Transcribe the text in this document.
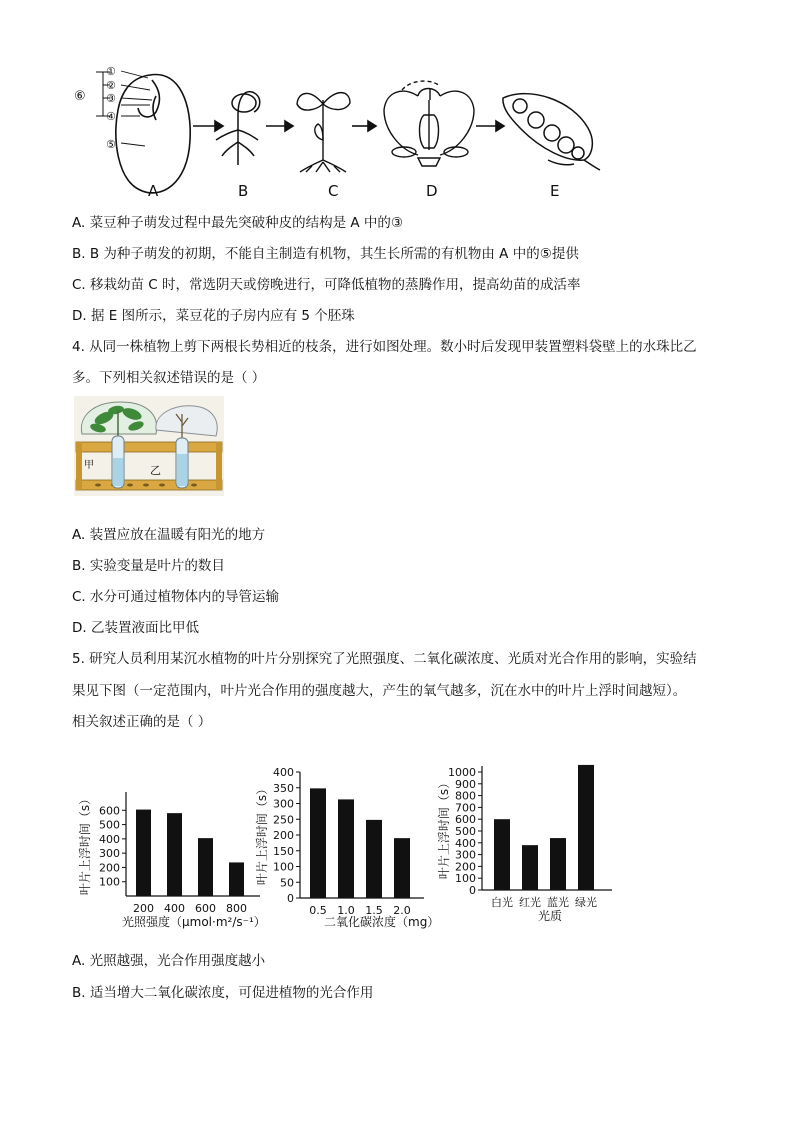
①
②
③
④
⑤
⑥
A	B	C	D	E
A. 菜豆种子萌发过程中最先突破种皮的结构是 A 中的③
B. B 为种子萌发的初期，不能自主制造有机物，其生长所需的有机物由 A 中的⑤提供
C. 移栽幼苗 C 时，常选阴天或傍晚进行，可降低植物的蒸腾作用，提高幼苗的成活率
D. 据 E 图所示，菜豆花的子房内应有 5 个胚珠
4. 从同一株植物上剪下两根长势相近的枝条，进行如图处理。数小时后发现甲装置塑料袋壁上的水珠比乙
多。下列相关叙述错误的是（ ）
甲	乙
A. 装置应放在温暖有阳光的地方
B. 实验变量是叶片的数目
C. 水分可通过植物体内的导管运输
D. 乙装置液面比甲低
5. 研究人员利用某沉水植物的叶片分别探究了光照强度、二氧化碳浓度、光质对光合作用的影响，实验结
果见下图（一定范围内，叶片光合作用的强度越大，产生的氧气越多，沉在水中的叶片上浮时间越短）。
相关叙述正确的是（ ）
100
200
300
400
500
600
200 400 600 800
叶片上浮时间（s）
光照强度（μmol·m²/s⁻¹）
0
50
100
150
200
250
300
350
400
0.5 1.0 1.5 2.0
叶片上浮时间（s）
二氧化碳浓度（mg）
0
100
200
300
400
500
600
700
800
900
1000
白光 红光 蓝光 绿光
叶片上浮时间（s）
光质
A. 光照越强，光合作用强度越小
B. 适当增大二氧化碳浓度，可促进植物的光合作用
